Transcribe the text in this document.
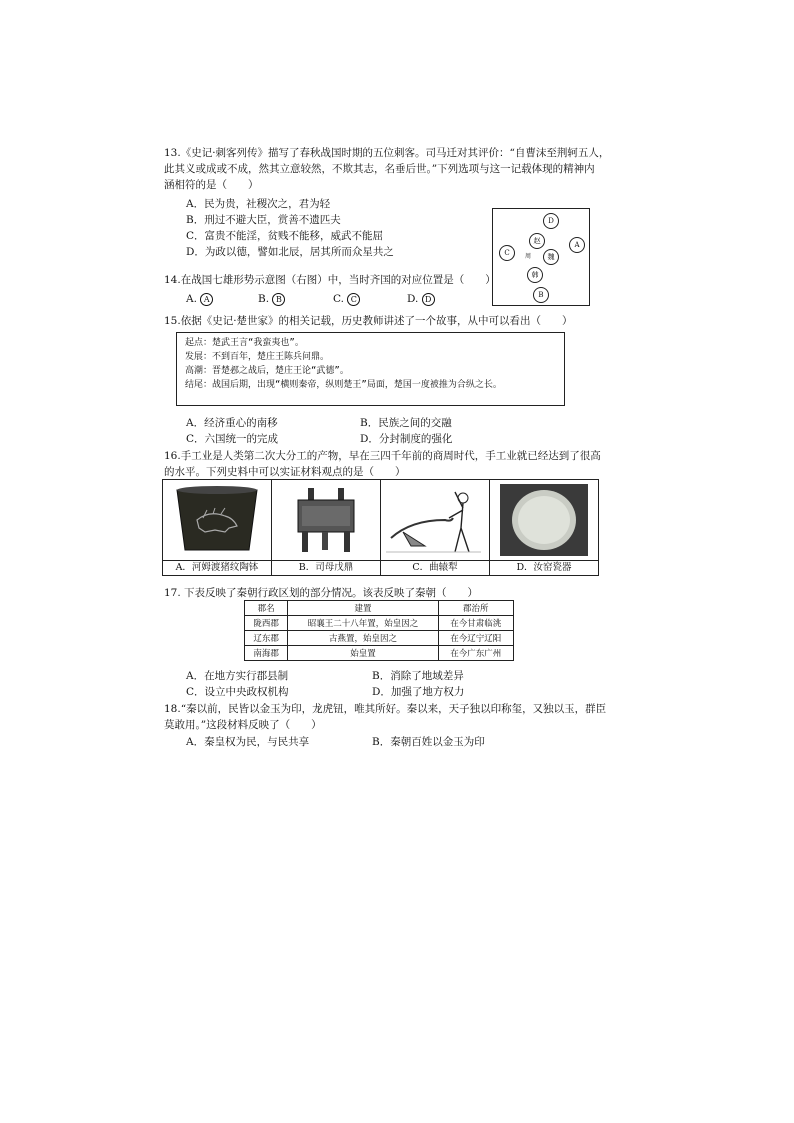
13.《史记·刺客列传》描写了春秋战国时期的五位刺客。司马迁对其评价：“自曹沫至荆轲五人，
此其义或成或不成，然其立意较然，不欺其志，名垂后世。”下列选项与这一记载体现的精神内
涵相符的是（　　）
A．民为贵，社稷次之，君为轻
B．刑过不避大臣，赏善不遗匹夫
C．富贵不能淫，贫贱不能移，威武不能屈
D．为政以德，譬如北辰，居其所而众星共之
D
赵
魏
C
A
周
韩
B
14.在战国七雄形势示意图（右图）中，当时齐国的对应位置是（　　）
A. A	B. B	C. C	D. D
15.依据《史记·楚世家》的相关记载，历史教师讲述了一个故事，从中可以看出（　　）
起点：楚武王言“我蛮夷也”。
发展：不到百年，楚庄王陈兵问鼎。
高潮：晋楚邲之战后，楚庄王论“武德”。
结尾：战国后期，出现“横则秦帝，纵则楚王”局面，楚国一度被推为合纵之长。
A．经济重心的南移	B．民族之间的交融
C．六国统一的完成	D．分封制度的强化
16.手工业是人类第二次大分工的产物，早在三四千年前的商周时代，手工业就已经达到了很高
的水平。下列史料中可以实证材料观点的是（　　）
A．河姆渡猪纹陶钵	B．司母戊鼎	C．曲辕犁	D．汝窑瓷器
17. 下表反映了秦朝行政区划的部分情况。该表反映了秦朝（　　）
郡名	建置	郡治所
陇西郡	昭襄王二十八年置，始皇因之	在今甘肃临洮
辽东郡	古燕置，始皇因之	在今辽宁辽阳
南海郡	始皇置	在今广东广州
A．在地方实行郡县制	B．消除了地域差异
C．设立中央政权机构	D．加强了地方权力
18.“秦以前，民皆以金玉为印，龙虎钮，唯其所好。秦以来，天子独以印称玺，又独以玉，群臣
莫敢用。”这段材料反映了（　　）
A．秦皇权为民，与民共享	B．秦朝百姓以金玉为印
